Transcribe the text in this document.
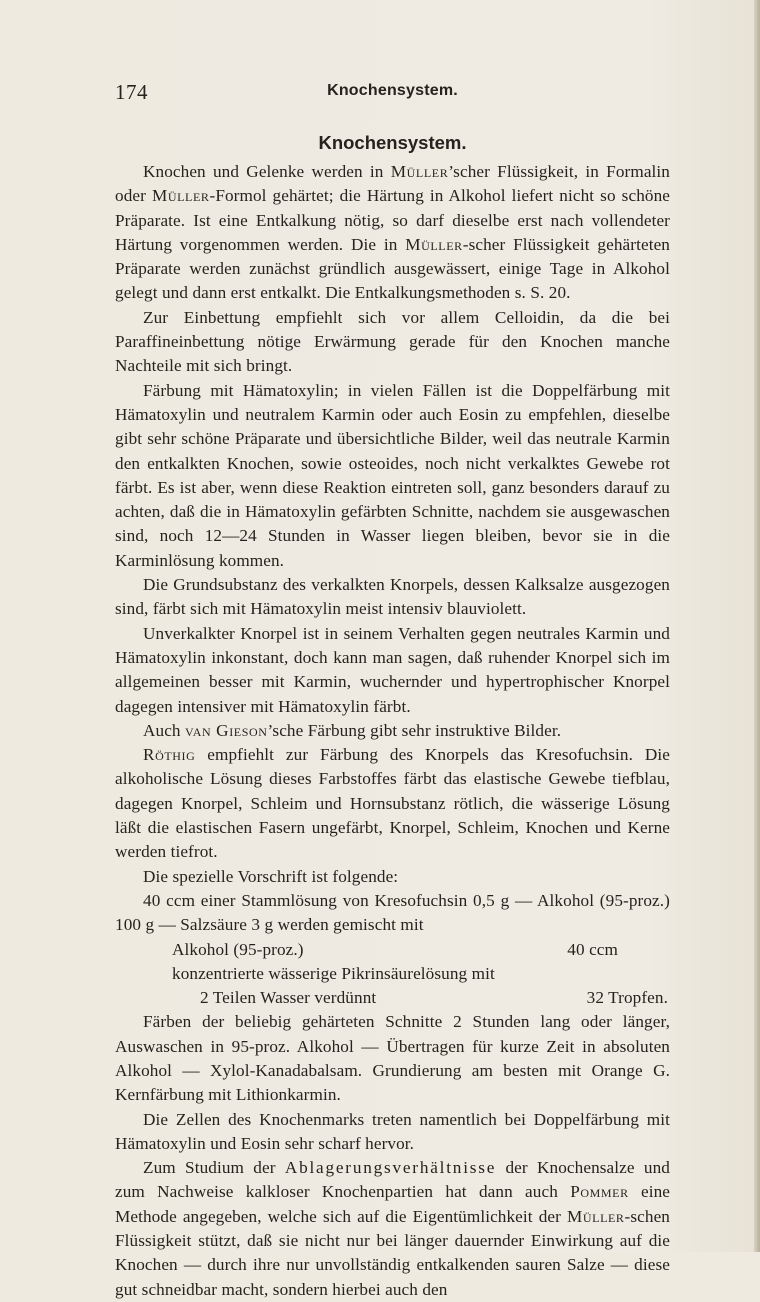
174	Knochensystem.
Knochensystem.

Knochen und Gelenke werden in Müller’scher Flüssigkeit, in Formalin oder Müller-Formol gehärtet; die Härtung in Alkohol liefert nicht so schöne Präparate. Ist eine Entkalkung nötig, so darf dieselbe erst nach vollendeter Härtung vorgenommen werden. Die in Müller-scher Flüssigkeit gehärteten Präparate werden zunächst gründlich ausgewässert, einige Tage in Alkohol gelegt und dann erst entkalkt. Die Entkalkungsmethoden s. S. 20.

Zur Einbettung empfiehlt sich vor allem Celloidin, da die bei Paraffineinbettung nötige Erwärmung gerade für den Knochen manche Nachteile mit sich bringt.

Färbung mit Hämatoxylin; in vielen Fällen ist die Doppelfärbung mit Hämatoxylin und neutralem Karmin oder auch Eosin zu empfehlen, dieselbe gibt sehr schöne Präparate und übersichtliche Bilder, weil das neutrale Karmin den entkalkten Knochen, sowie osteoides, noch nicht verkalktes Gewebe rot färbt. Es ist aber, wenn diese Reaktion eintreten soll, ganz besonders darauf zu achten, daß die in Hämatoxylin gefärbten Schnitte, nachdem sie ausgewaschen sind, noch 12—24 Stunden in Wasser liegen bleiben, bevor sie in die Karminlösung kommen.

Die Grundsubstanz des verkalkten Knorpels, dessen Kalksalze ausgezogen sind, färbt sich mit Hämatoxylin meist intensiv blauviolett.

Unverkalkter Knorpel ist in seinem Verhalten gegen neutrales Karmin und Hämatoxylin inkonstant, doch kann man sagen, daß ruhender Knorpel sich im allgemeinen besser mit Karmin, wuchernder und hypertrophischer Knorpel dagegen intensiver mit Hämatoxylin färbt.

Auch van Gieson’sche Färbung gibt sehr instruktive Bilder.

Röthig empfiehlt zur Färbung des Knorpels das Kresofuchsin. Die alkoholische Lösung dieses Farbstoffes färbt das elastische Gewebe tiefblau, dagegen Knorpel, Schleim und Hornsubstanz rötlich, die wässerige Lösung läßt die elastischen Fasern ungefärbt, Knorpel, Schleim, Knochen und Kerne werden tiefrot.

Die spezielle Vorschrift ist folgende:

40 ccm einer Stammlösung von Kresofuchsin 0,5 g — Alkohol (95-proz.) 100 g — Salzsäure 3 g werden gemischt mit

Alkohol (95-proz.)	40 ccm
konzentrierte wässerige Pikrinsäurelösung mit
2 Teilen Wasser verdünnt	32 Tropfen.

Färben der beliebig gehärteten Schnitte 2 Stunden lang oder länger, Auswaschen in 95-proz. Alkohol — Übertragen für kurze Zeit in absoluten Alkohol — Xylol-Kanadabalsam. Grundierung am besten mit Orange G. Kernfärbung mit Lithionkarmin.

Die Zellen des Knochenmarks treten namentlich bei Doppelfärbung mit Hämatoxylin und Eosin sehr scharf hervor.

Zum Studium der Ablagerungsverhältnisse der Knochensalze und zum Nachweise kalkloser Knochenpartien hat dann auch Pommer eine Methode angegeben, welche sich auf die Eigentümlichkeit der Müller-schen Flüssigkeit stützt, daß sie nicht nur bei länger dauernder Einwirkung auf die Knochen — durch ihre nur unvollständig entkalkenden sauren Salze — diese gut schneidbar macht, sondern hierbei auch den
